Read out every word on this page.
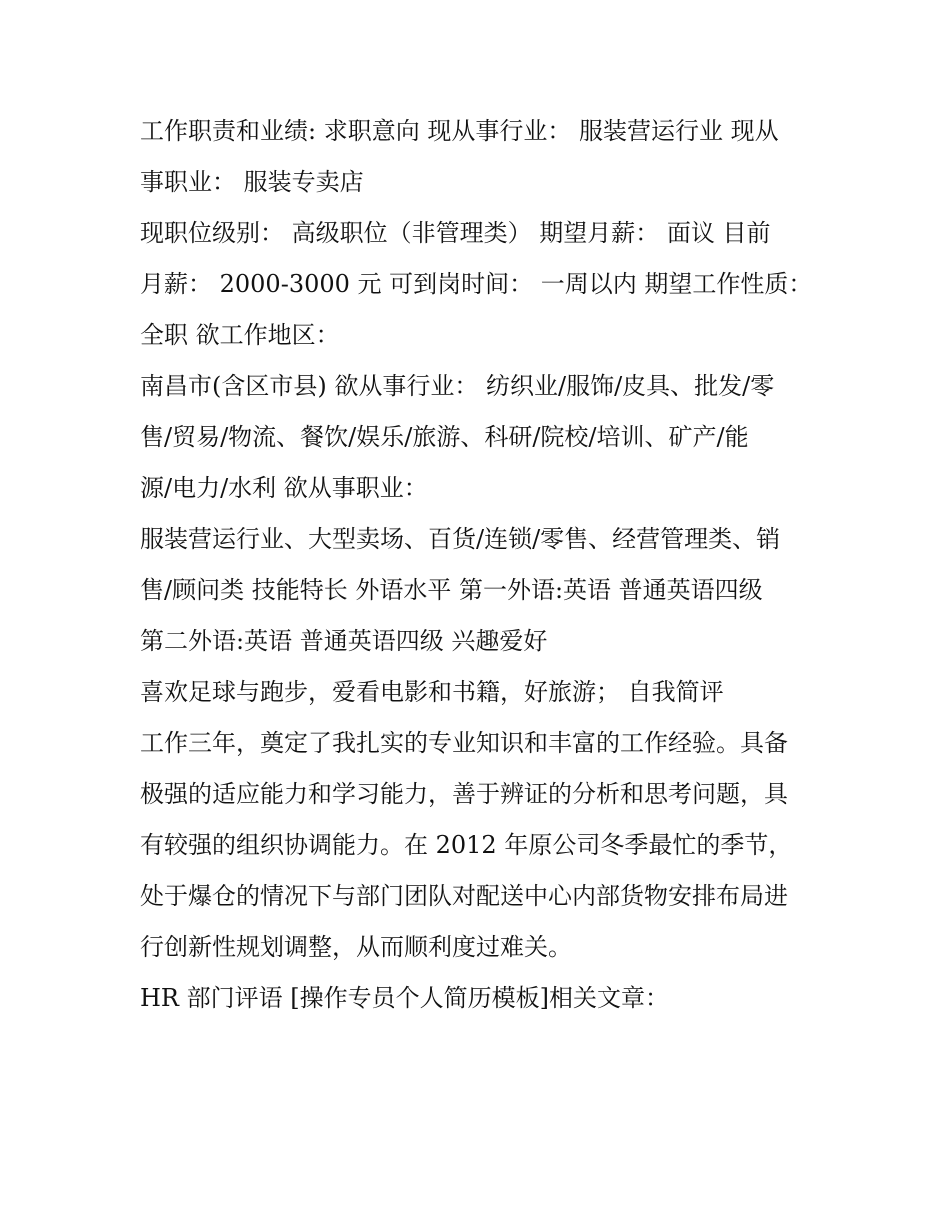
工作职责和业绩: 求职意向 现从事行业： 服装营运行业 现从
事职业： 服装专卖店
现职位级别： 高级职位（非管理类） 期望月薪： 面议 目前
月薪： 2000-3000 元 可到岗时间： 一周以内 期望工作性质：
全职 欲工作地区：
南昌市(含区市县) 欲从事行业： 纺织业/服饰/皮具、批发/零
售/贸易/物流、餐饮/娱乐/旅游、科研/院校/培训、矿产/能
源/电力/水利 欲从事职业：
服装营运行业、大型卖场、百货/连锁/零售、经营管理类、销
售/顾问类 技能特长 外语水平 第一外语:英语 普通英语四级
第二外语:英语 普通英语四级 兴趣爱好
喜欢足球与跑步，爱看电影和书籍，好旅游； 自我简评
工作三年，奠定了我扎实的专业知识和丰富的工作经验。具备
极强的适应能力和学习能力，善于辨证的分析和思考问题，具
有较强的组织协调能力。在 2012 年原公司冬季最忙的季节，
处于爆仓的情况下与部门团队对配送中心内部货物安排布局进
行创新性规划调整，从而顺利度过难关。
HR 部门评语 [操作专员个人简历模板]相关文章：
